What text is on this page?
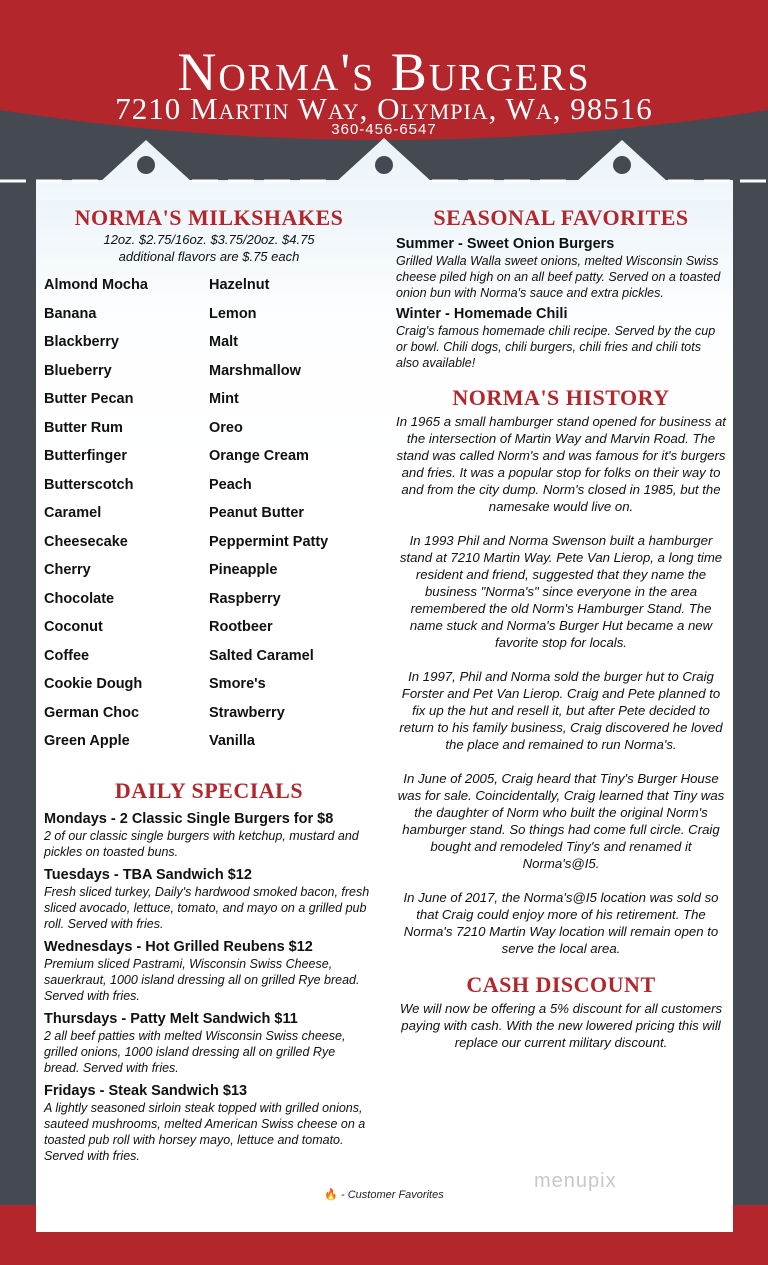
Norma's Burgers
7210 Martin Way, Olympia, Wa, 98516
360-456-6547
NORMA'S MILKSHAKES
12oz. $2.75/16oz. $3.75/20oz. $4.75
additional flavors are $.75 each
Almond Mocha
Banana
Blackberry
Blueberry
Butter Pecan
Butter Rum
Butterfinger
Butterscotch
Caramel
Cheesecake
Cherry
Chocolate
Coconut
Coffee
Cookie Dough
German Choc
Green Apple
Hazelnut
Lemon
Malt
Marshmallow
Mint
Oreo
Orange Cream
Peach
Peanut Butter
Peppermint Patty
Pineapple
Raspberry
Rootbeer
Salted Caramel
Smore's
Strawberry
Vanilla
DAILY SPECIALS
Mondays - 2 Classic Single Burgers for $8

2 of our classic single burgers with ketchup, mustard and pickles on toasted buns.

Tuesdays - TBA Sandwich $12

Fresh sliced turkey, Daily's hardwood smoked bacon, fresh sliced avocado, lettuce, tomato, and mayo on a grilled pub roll. Served with fries.

Wednesdays - Hot Grilled Reubens $12

Premium sliced Pastrami, Wisconsin Swiss Cheese, sauerkraut, 1000 island dressing all on grilled Rye bread. Served with fries.

Thursdays - Patty Melt Sandwich $11

2 all beef patties with melted Wisconsin Swiss cheese, grilled onions, 1000 island dressing all on grilled Rye bread. Served with fries.

Fridays - Steak Sandwich $13

A lightly seasoned sirloin steak topped with grilled onions, sauteed mushrooms, melted American Swiss cheese on a toasted pub roll with horsey mayo, lettuce and tomato. Served with fries.

SEASONAL FAVORITES
Summer - Sweet Onion Burgers

Grilled Walla Walla sweet onions, melted Wisconsin Swiss cheese piled high on an all beef patty. Served on a toasted onion bun with Norma's sauce and extra pickles.

Winter - Homemade Chili

Craig's famous homemade chili recipe. Served by the cup or bowl. Chili dogs, chili burgers, chili fries and chili tots also available!

NORMA'S HISTORY

In 1965 a small hamburger stand opened for business at the intersection of Martin Way and Marvin Road. The stand was called Norm's and was famous for it's burgers and fries. It was a popular stop for folks on their way to and from the city dump. Norm's closed in 1985, but the namesake would live on.

In 1993 Phil and Norma Swenson built a hamburger stand at 7210 Martin Way. Pete Van Lierop, a long time resident and friend, suggested that they name the business "Norma's" since everyone in the area remembered the old Norm's Hamburger Stand. The name stuck and Norma's Burger Hut became a new favorite stop for locals.

In 1997, Phil and Norma sold the burger hut to Craig Forster and Pet Van Lierop. Craig and Pete planned to fix up the hut and resell it, but after Pete decided to return to his family business, Craig discovered he loved the place and remained to run Norma's.

In June of 2005, Craig heard that Tiny's Burger House was for sale. Coincidentally, Craig learned that Tiny was the daughter of Norm who built the original Norm's hamburger stand. So things had come full circle. Craig bought and remodeled Tiny's and renamed it Norma's@I5.

In June of 2017, the Norma's@I5 location was sold so that Craig could enjoy more of his retirement. The Norma's 7210 Martin Way location will remain open to serve the local area.

CASH DISCOUNT
We will now be offering a 5% discount for all customers paying with cash. With the new lowered pricing this will replace our current military discount.
🔥 - Customer Favorites
menupix
